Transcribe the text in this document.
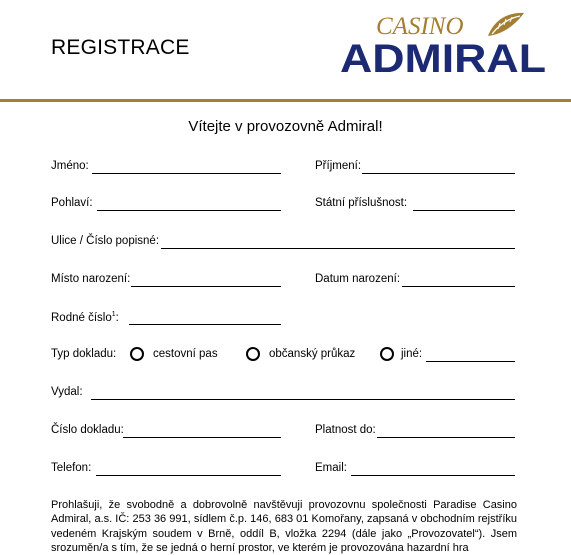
REGISTRACE
CASINO
ADMIRAL
Vítejte v provozovně Admiral!
Jméno:	Příjmení:
Pohlaví:	Státní příslušnost:
Ulice / Číslo popisné:
Místo narození:	Datum narození:
Rodné číslo$^1$:
Typ dokladu:	cestovní pas	občanský průkaz	jiné:
Vydal:
Číslo dokladu:	Platnost do:
Telefon:	Email:
Prohlašuji, že svobodně a dobrovolně navštěvuji provozovnu společnosti Paradise Casino Admiral, a.s. IČ: 253 36 991, sídlem č.p. 146, 683 01 Komořany, zapsaná v obchodním rejstříku vedeném Krajským soudem v Brně, oddíl B, vložka 2294 (dále jako „Provozovatel“). Jsem srozuměn/a s tím, že se jedná o herní prostor, ve kterém je provozována hazardní hra
